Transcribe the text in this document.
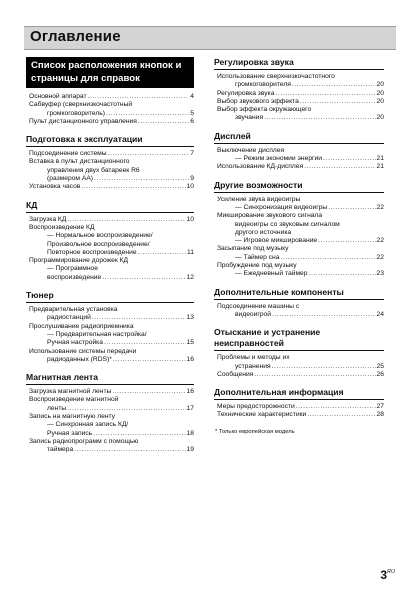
Оглавление
Список расположения кнопок и
страницы для справок
Основной аппарат .....	4
Сабвуфер (сверхнизкочастотный
громкоговоритель) .....	5
Пульт дистанционного управления .....	6
Подготовка к эксплуатации
Подсоединение системы .....	7
Вставка в пульт дистанционного
управления двух батареек R6
(размером AA) .....	9
Установка часов .....	10
КД
Загрузка КД .....	10
Воспроизведение КД
— Нормальное воспроизведение/
Произвольное воспроизведение/
Повторное воспроизведение .....	11
Программирование дорожек КД
— Программное
воспроизведение .....	12
Тюнер
Предварительная установка
радиостанций .....	13
Прослушивание радиоприемника
— Предварительная настройка/
Ручная настройка .....	15
Использование системы передачи
радиоданных (RDS)* .....	16
Магнитная лента
Загрузка магнитной ленты .....	16
Воспроизведение магнитной
ленты .....	17
Запись на магнитную ленту
— Синхронная запись КД/
Ручная запись .....	18
Запись радиопрограмм с помощью
таймера .....	19
Регулировка звука
Использование сверхнизкочастотного
громкоговорителя .....	20
Регулировка звука .....	20
Выбор звукового эффекта .....	20
Выбор эффекта окружающего
звучания .....	20
Дисплей
Выключение дисплея
— Режим экономии энергии .....	21
Использование КД-дисплея .....	21
Другие возможности
Усиление звука видеоигры
— Синхронизация видеоигры .....	22
Микширование звукового сигнала
видеоигры со звуковым сигналом
другого источника
— Игровое микширование .....	22
Засыпание под музыку
— Таймер сна .....	22
Пробуждение под музыку
— Ежедневный таймер .....	23
Дополнительные компоненты
Подсоединение машины с
видеоигрой .....	24
Отыскание и устранение неисправностей
Проблемы и методы их
устранения .....	25
Сообщения .....	26
Дополнительная информация
Меры предосторожности .....	27
Технические характеристики .....	28
* Только европейская модель
$3^{RU}$
